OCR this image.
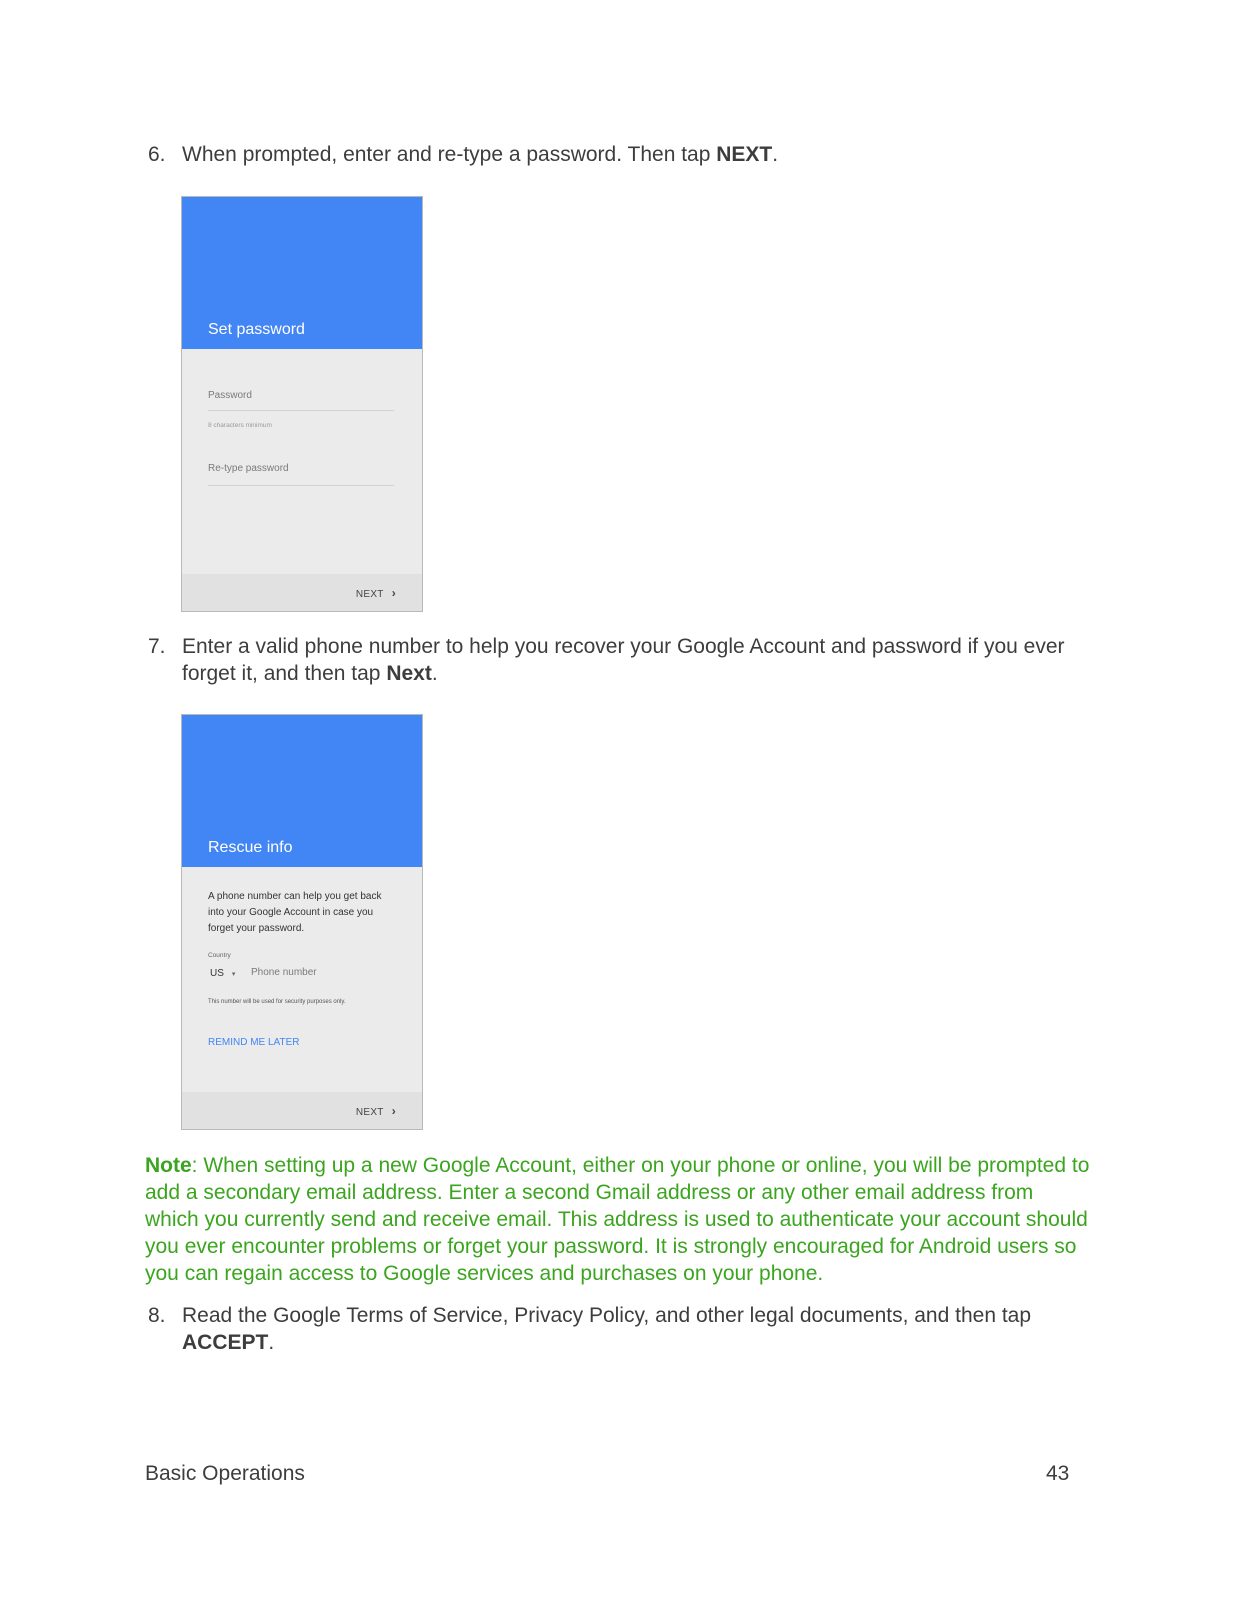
6. When prompted, enter and re-type a password. Then tap NEXT.
Set password
Password
8 characters minimum
Re-type password
NEXT ›
7. Enter a valid phone number to help you recover your Google Account and password if you ever forget it, and then tap Next.
Rescue info
A phone number can help you get back into your Google Account in case you forget your password.
Country
US ▾ Phone number
This number will be used for security purposes only.
REMIND ME LATER
NEXT ›
Note: When setting up a new Google Account, either on your phone or online, you will be prompted to add a secondary email address. Enter a second Gmail address or any other email address from which you currently send and receive email. This address is used to authenticate your account should you ever encounter problems or forget your password. It is strongly encouraged for Android users so you can regain access to Google services and purchases on your phone.
8. Read the Google Terms of Service, Privacy Policy, and other legal documents, and then tap ACCEPT.
Basic Operations	43
